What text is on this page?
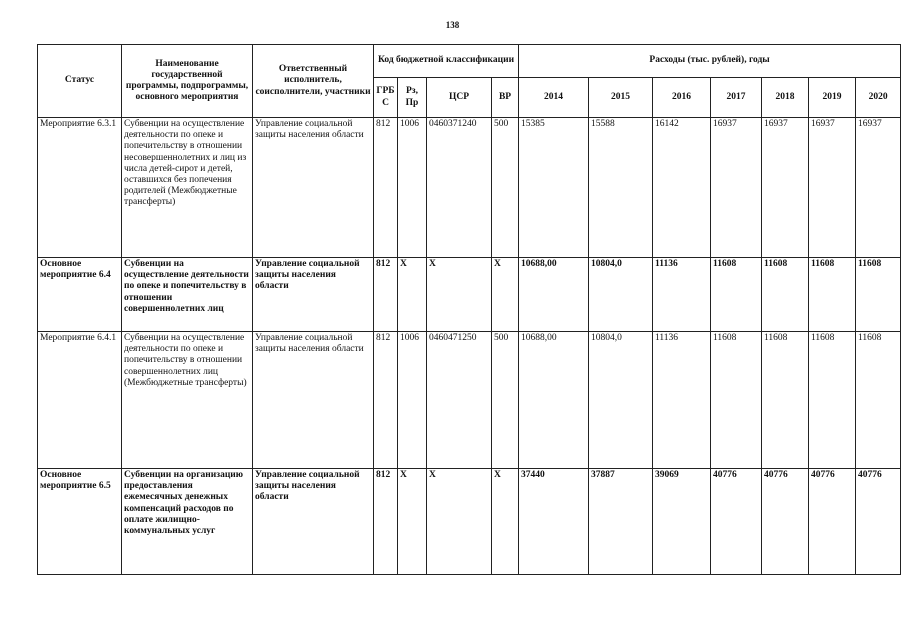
138
Статус	Наименование государственной программы, подпрограммы, основного мероприятия	Ответственный исполнитель, соисполнители, участники	Код бюджетной классификации				Расходы (тыс. рублей), годы						
			ГРБ С	Рз, Пр	ЦСР	ВР	2014	2015	2016	2017	2018	2019	2020
Мероприятие 6.3.1	Субвенции на осуществление деятельности по опеке и попечительству в отношении несовершеннолетних и лиц из числа детей-сирот и детей, оставшихся без попечения родителей (Межбюджетные трансферты)	Управление социальной защиты населения области	812	1006	0460371240	500	15385	15588	16142	16937	16937	16937	16937
Основное мероприятие 6.4	Субвенции на осуществление деятельности по опеке и попечительству в отношении совершеннолетних лиц	Управление социальной защиты населения области	812	X	X	X	10688,00	10804,0	11136	11608	11608	11608	11608
Мероприятие 6.4.1	Субвенции на осуществление деятельности по опеке и попечительству в отношении совершеннолетних лиц (Межбюджетные трансферты)	Управление социальной защиты населения области	812	1006	0460471250	500	10688,00	10804,0	11136	11608	11608	11608	11608
Основное мероприятие 6.5	Субвенции на организацию предоставления ежемесячных денежных компенсаций расходов по оплате жилищно-коммунальных услуг	Управление социальной защиты населения области	812	X	X	X	37440	37887	39069	40776	40776	40776	40776
